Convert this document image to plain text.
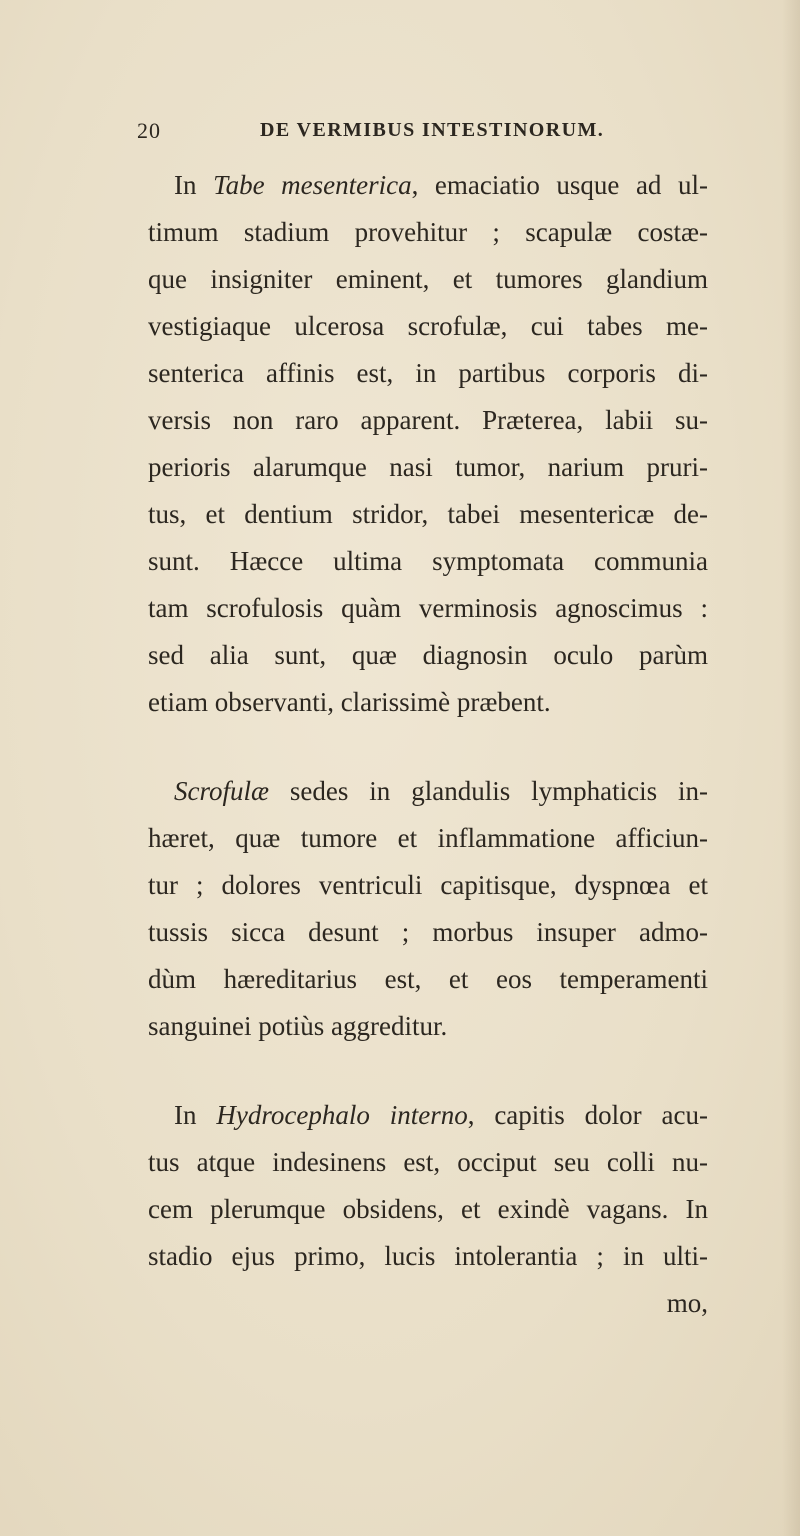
20	DE VERMIBUS INTESTINORUM.
In Tabe mesenterica, emaciatio usque ad ul-
timum stadium provehitur ; scapulæ costæ-
que insigniter eminent, et tumores glandium
vestigiaque ulcerosa scrofulæ, cui tabes me-
senterica affinis est, in partibus corporis di-
versis non raro apparent. Præterea, labii su-
perioris alarumque nasi tumor, narium pruri-
tus, et dentium stridor, tabei mesentericæ de-
sunt. Hæcce ultima symptomata communia
tam scrofulosis quàm verminosis agnoscimus :
sed alia sunt, quæ diagnosin oculo parùm
etiam observanti, clarissimè præbent.
Scrofulæ sedes in glandulis lymphaticis in-
hæret, quæ tumore et inflammatione afficiun-
tur ; dolores ventriculi capitisque, dyspnœa et
tussis sicca desunt ; morbus insuper admo-
dùm hæreditarius est, et eos temperamenti
sanguinei potiùs aggreditur.
In Hydrocephalo interno, capitis dolor acu-
tus atque indesinens est, occiput seu colli nu-
cem plerumque obsidens, et exindè vagans. In
stadio ejus primo, lucis intolerantia ; in ulti-
mo,
